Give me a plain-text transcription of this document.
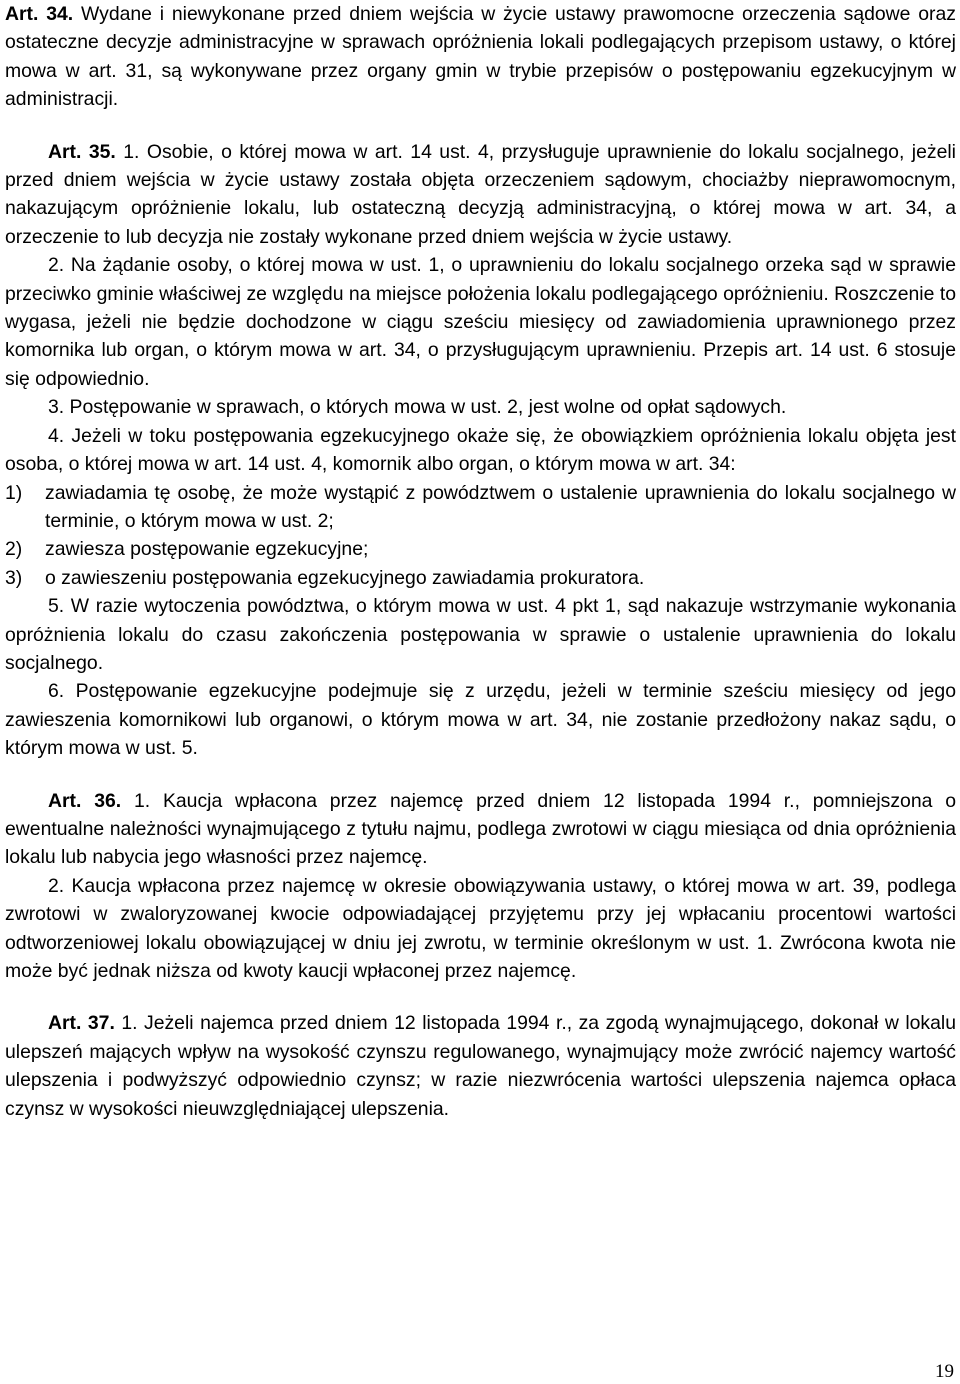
Art. 34. Wydane i niewykonane przed dniem wejścia w życie ustawy prawomocne orzeczenia sądowe oraz ostateczne decyzje administracyjne w sprawach opróżnienia lokali podlegających przepisom ustawy, o której mowa w art. 31, są wykonywane przez organy gmin w trybie przepisów o postępowaniu egzekucyjnym w administracji.

Art. 35. 1. Osobie, o której mowa w art. 14 ust. 4, przysługuje uprawnienie do lokalu socjalnego, jeżeli przed dniem wejścia w życie ustawy została objęta orzeczeniem sądowym, chociażby nieprawomocnym, nakazującym opróżnienie lokalu, lub ostateczną decyzją administracyjną, o której mowa w art. 34, a orzeczenie to lub decyzja nie zostały wykonane przed dniem wejścia w życie ustawy.

2. Na żądanie osoby, o której mowa w ust. 1, o uprawnieniu do lokalu socjalnego orzeka sąd w sprawie przeciwko gminie właściwej ze względu na miejsce położenia lokalu podlegającego opróżnieniu. Roszczenie to wygasa, jeżeli nie będzie dochodzone w ciągu sześciu miesięcy od zawiadomienia uprawnionego przez komornika lub organ, o którym mowa w art. 34, o przysługującym uprawnieniu. Przepis art. 14 ust. 6 stosuje się odpowiednio.

3. Postępowanie w sprawach, o których mowa w ust. 2, jest wolne od opłat sądowych.

4. Jeżeli w toku postępowania egzekucyjnego okaże się, że obowiązkiem opróżnienia lokalu objęta jest osoba, o której mowa w art. 14 ust. 4, komornik albo organ, o którym mowa w art. 34:

1) zawiadamia tę osobę, że może wystąpić z powództwem o ustalenie uprawnienia do lokalu socjalnego w terminie, o którym mowa w ust. 2;

2) zawiesza postępowanie egzekucyjne;

3) o zawieszeniu postępowania egzekucyjnego zawiadamia prokuratora.

5. W razie wytoczenia powództwa, o którym mowa w ust. 4 pkt 1, sąd nakazuje wstrzymanie wykonania opróżnienia lokalu do czasu zakończenia postępowania w sprawie o ustalenie uprawnienia do lokalu socjalnego.

6. Postępowanie egzekucyjne podejmuje się z urzędu, jeżeli w terminie sześciu miesięcy od jego zawieszenia komornikowi lub organowi, o którym mowa w art. 34, nie zostanie przedłożony nakaz sądu, o którym mowa w ust. 5.

Art. 36. 1. Kaucja wpłacona przez najemcę przed dniem 12 listopada 1994 r., pomniejszona o ewentualne należności wynajmującego z tytułu najmu, podlega zwrotowi w ciągu miesiąca od dnia opróżnienia lokalu lub nabycia jego własności przez najemcę.

2. Kaucja wpłacona przez najemcę w okresie obowiązywania ustawy, o której mowa w art. 39, podlega zwrotowi w zwaloryzowanej kwocie odpowiadającej przyjętemu przy jej wpłacaniu procentowi wartości odtworzeniowej lokalu obowiązującej w dniu jej zwrotu, w terminie określonym w ust. 1. Zwrócona kwota nie może być jednak niższa od kwoty kaucji wpłaconej przez najemcę.

Art. 37. 1. Jeżeli najemca przed dniem 12 listopada 1994 r., za zgodą wynajmującego, dokonał w lokalu ulepszeń mających wpływ na wysokość czynszu regulowanego, wynajmujący może zwrócić najemcy wartość ulepszenia i podwyższyć odpowiednio czynsz; w razie niezwrócenia wartości ulepszenia najemca opłaca czynsz w wysokości nieuwzględniającej ulepszenia.

19
